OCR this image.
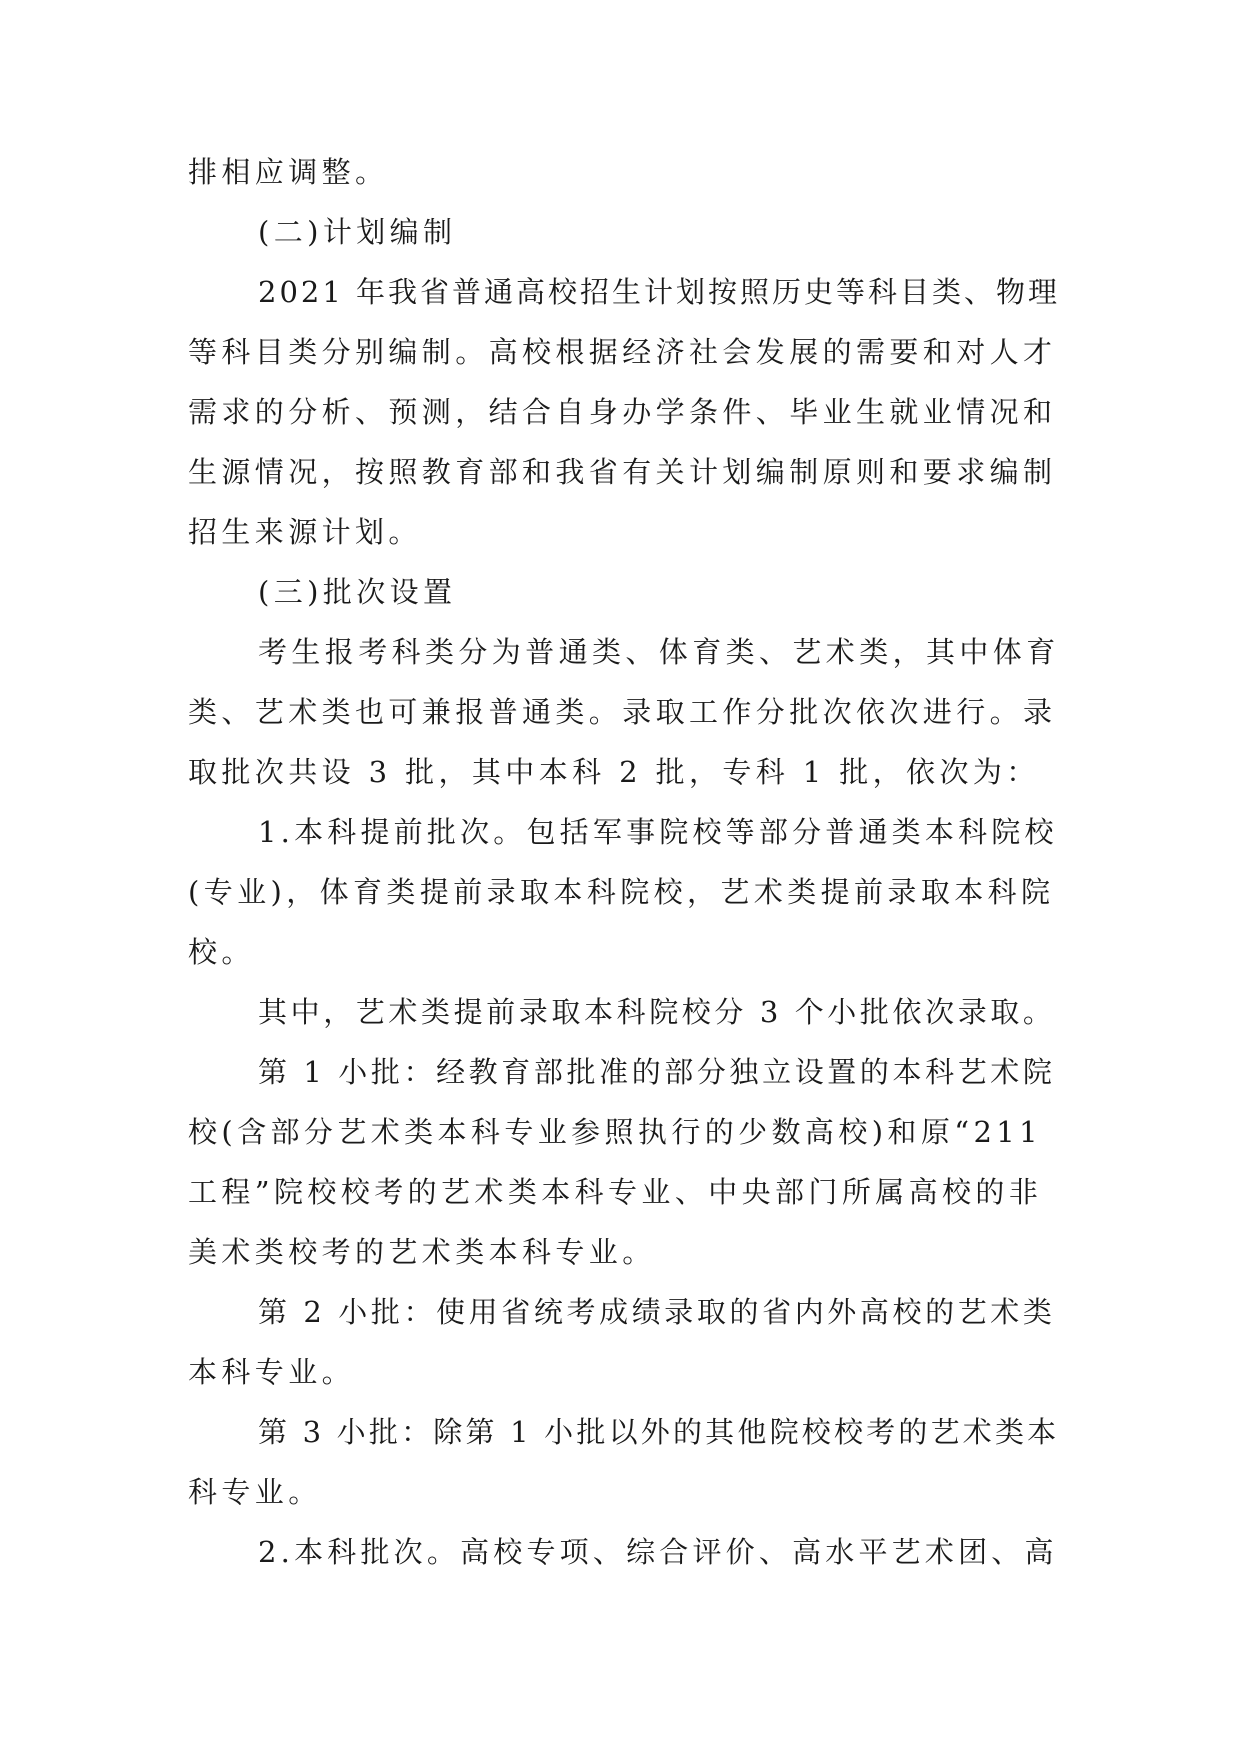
排相应调整。
(二)计划编制
2021 年我省普通高校招生计划按照历史等科目类、物理
等科目类分别编制。高校根据经济社会发展的需要和对人才
需求的分析、预测，结合自身办学条件、毕业生就业情况和
生源情况，按照教育部和我省有关计划编制原则和要求编制
招生来源计划。
(三)批次设置
考生报考科类分为普通类、体育类、艺术类，其中体育
类、艺术类也可兼报普通类。录取工作分批次依次进行。录
取批次共设 3 批，其中本科 2 批，专科 1 批，依次为：
1.本科提前批次。包括军事院校等部分普通类本科院校
(专业)，体育类提前录取本科院校，艺术类提前录取本科院
校。
其中，艺术类提前录取本科院校分 3 个小批依次录取。
第 1 小批：经教育部批准的部分独立设置的本科艺术院
校(含部分艺术类本科专业参照执行的少数高校)和原“211
工程”院校校考的艺术类本科专业、中央部门所属高校的非
美术类校考的艺术类本科专业。
第 2 小批：使用省统考成绩录取的省内外高校的艺术类
本科专业。
第 3 小批：除第 1 小批以外的其他院校校考的艺术类本
科专业。
2.本科批次。高校专项、综合评价、高水平艺术团、高
